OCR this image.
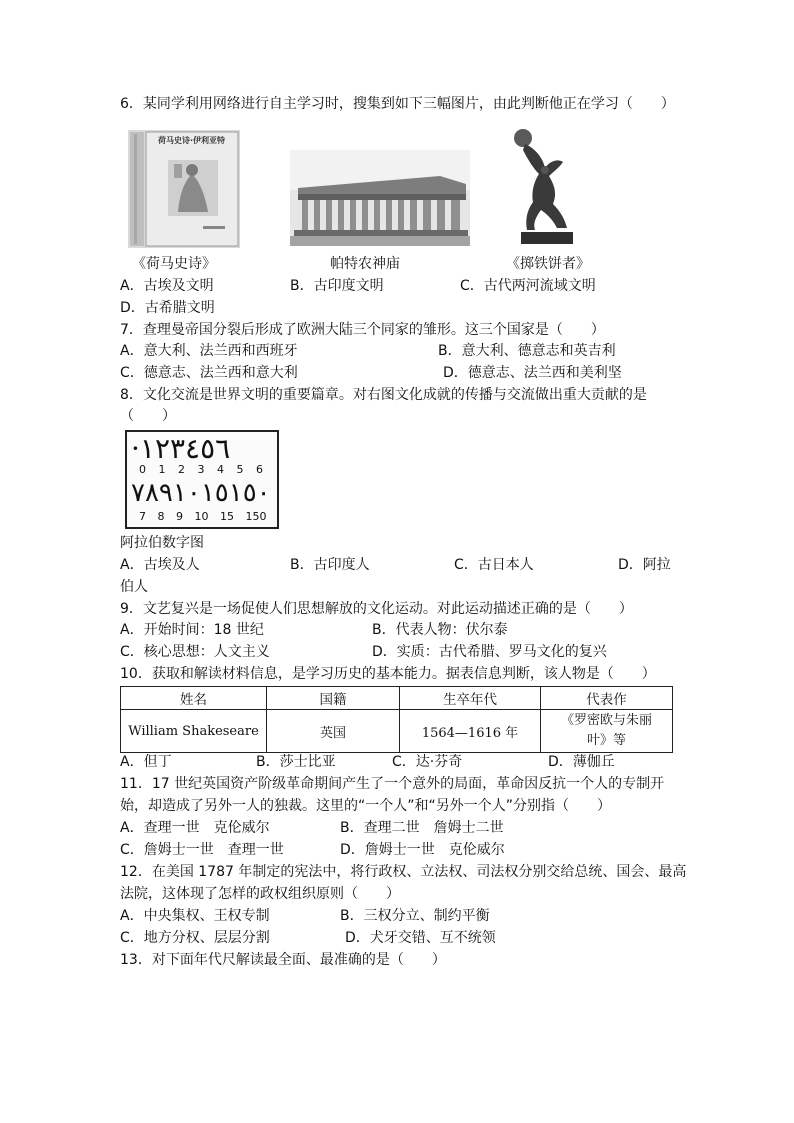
6．某同学利用网络进行自主学习时，搜集到如下三幅图片，由此判断他正在学习（　　）
荷马史诗·伊利亚特
《荷马史诗》	帕特农神庙	《掷铁饼者》
A．古埃及文明	B．古印度文明	C．古代两河流域文明
D．古希腊文明
7．查理曼帝国分裂后形成了欧洲大陆三个同家的雏形。这三个国家是（　　）
A．意大利、法兰西和西班牙	B．意大利、德意志和英吉利
C．德意志、法兰西和意大利	D．德意志、法兰西和美利坚
8．文化交流是世界文明的重要篇章。对右图文化成就的传播与交流做出重大贡献的是
（　　）
·١٢٣٤٥٦
0 1 2 3 4 5 6
٧٨٩١٠١٥١٥٠
7 8 9 10 15 150
阿拉伯数字图
A．古埃及人	B．古印度人	C．古日本人	D．阿拉
伯人
9．文艺复兴是一场促使人们思想解放的文化运动。对此运动描述正确的是（　　）
A．开始时间：18 世纪	B．代表人物：伏尔泰
C．核心思想：人文主义	D．实质：古代希腊、罗马文化的复兴
10．获取和解读材料信息，是学习历史的基本能力。据表信息判断，该人物是（　　）
姓名	国籍	生卒年代	代表作
William Shakeseare	英国	1564—1616 年	《罗密欧与朱丽
叶》等
A．但丁	B．莎士比亚	C．达·芬奇	D．薄伽丘
11．17 世纪英国资产阶级革命期间产生了一个意外的局面，革命因反抗一个人的专制开
始，却造成了另外一人的独裁。这里的“一个人”和“另外一个人”分别指（　　）
A．查理一世　克伦威尔	B．查理二世　詹姆士二世
C．詹姆士一世　查理一世	D．詹姆士一世　克伦威尔
12．在美国 1787 年制定的宪法中，将行政权、立法权、司法权分别交给总统、国会、最高
法院，这体现了怎样的政权组织原则（　　）
A．中央集权、王权专制	B．三权分立、制约平衡
C．地方分权、层层分割	D．犬牙交错、互不统领
13．对下面年代尺解读最全面、最准确的是（　　）
